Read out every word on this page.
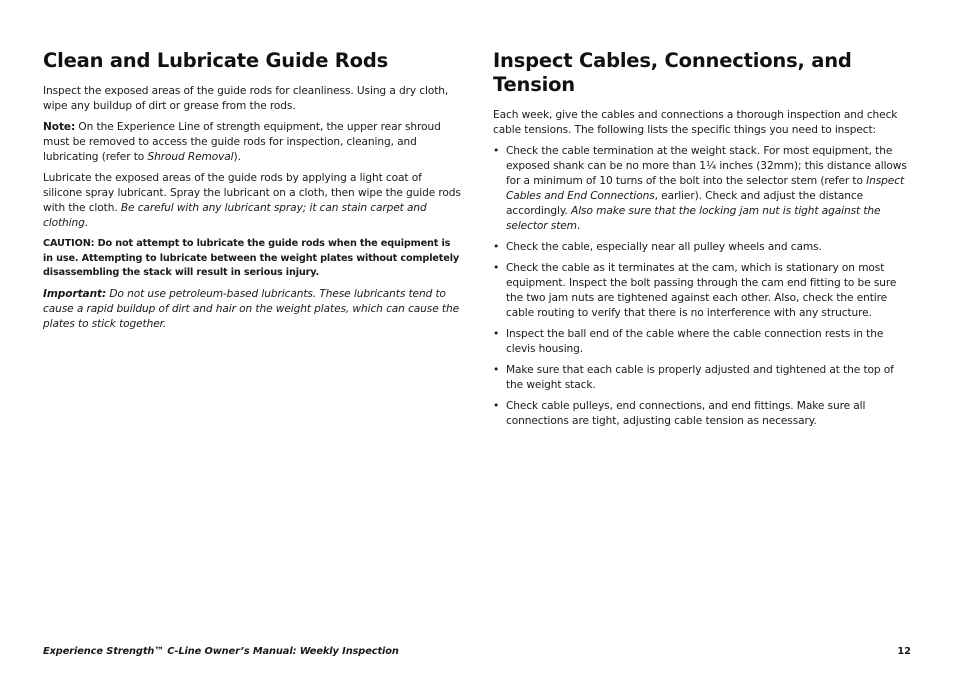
Clean and Lubricate Guide Rods

Inspect the exposed areas of the guide rods for cleanliness. Using a dry cloth, wipe any buildup of dirt or grease from the rods.

Note: On the Experience Line of strength equipment, the upper rear shroud must be removed to access the guide rods for inspection, cleaning, and lubricating (refer to Shroud Removal).

Lubricate the exposed areas of the guide rods by applying a light coat of silicone spray lubricant. Spray the lubricant on a cloth, then wipe the guide rods with the cloth. Be careful with any lubricant spray; it can stain carpet and clothing.

CAUTION: Do not attempt to lubricate the guide rods when the equipment is in use. Attempting to lubricate between the weight plates without completely disassembling the stack will result in serious injury.

Important: Do not use petroleum-based lubricants. These lubricants tend to cause a rapid buildup of dirt and hair on the weight plates, which can cause the plates to stick together.

Inspect Cables, Connections, and Tension

Each week, give the cables and connections a thorough inspection and check cable tensions. The following lists the specific things you need to inspect:

• Check the cable termination at the weight stack. For most equipment, the exposed shank can be no more than 1¼ inches (32mm); this distance allows for a minimum of 10 turns of the bolt into the selector stem (refer to Inspect Cables and End Connections, earlier). Check and adjust the distance accordingly. Also make sure that the locking jam nut is tight against the selector stem.
• Check the cable, especially near all pulley wheels and cams.
• Check the cable as it terminates at the cam, which is stationary on most equipment. Inspect the bolt passing through the cam end fitting to be sure the two jam nuts are tightened against each other. Also, check the entire cable routing to verify that there is no interference with any structure.
• Inspect the ball end of the cable where the cable connection rests in the clevis housing.
• Make sure that each cable is properly adjusted and tightened at the top of the weight stack.
• Check cable pulleys, end connections, and end fittings. Make sure all connections are tight, adjusting cable tension as necessary.
Experience Strength™ C-Line Owner’s Manual: Weekly Inspection	12
